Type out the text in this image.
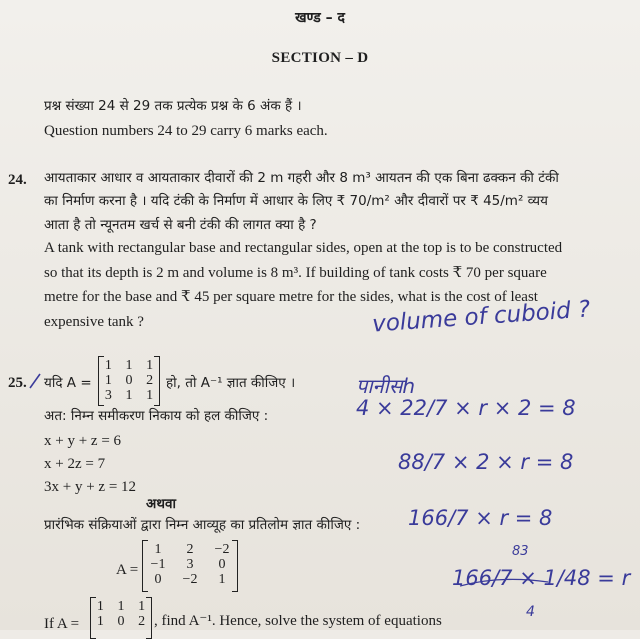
खण्ड – द
SECTION – D
प्रश्न संख्या 24 से 29 तक प्रत्येक प्रश्न के 6 अंक हैं ।
Question numbers 24 to 29 carry 6 marks each.
24. आयताकार आधार व आयताकार दीवारों की 2 m गहरी और 8 m³ आयतन की एक बिना ढक्कन की टंकी
का निर्माण करना है । यदि टंकी के निर्माण में आधार के लिए ₹ 70/m² और दीवारों पर ₹ 45/m² व्यय
आता है तो न्यूनतम खर्च से बनी टंकी की लागत क्या है ?
A tank with rectangular base and rectangular sides, open at the top is to be constructed
so that its depth is 2 m and volume is 8 m³. If building of tank costs ₹ 70 per square
metre for the base and ₹ 45 per square metre for the sides, what is the cost of least
expensive tank ?
25. यदि A =
1 1 1
1 0 2
3 1 1
हो, तो A⁻¹ ज्ञात कीजिए ।
अत: निम्न समीकरण निकाय को हल कीजिए :
x + y + z = 6
x + 2z = 7
3x + y + z = 12
अथवा
प्रारंभिक संक्रियाओं द्वारा निम्न आव्यूह का प्रतिलोम ज्ञात कीजिए :
A =
1	2	−2
−1	3	0
0	−2	1
If A =
1 1 1
1 0 2 , find A⁻¹. Hence, solve the system of equations
volume of cuboid ?
पानीसh
4 × 22/7 × r × 2 = 8
88/7 × 2 × r = 8
166/7 × r = 8
83
166/7 × 1/48 = r
4
